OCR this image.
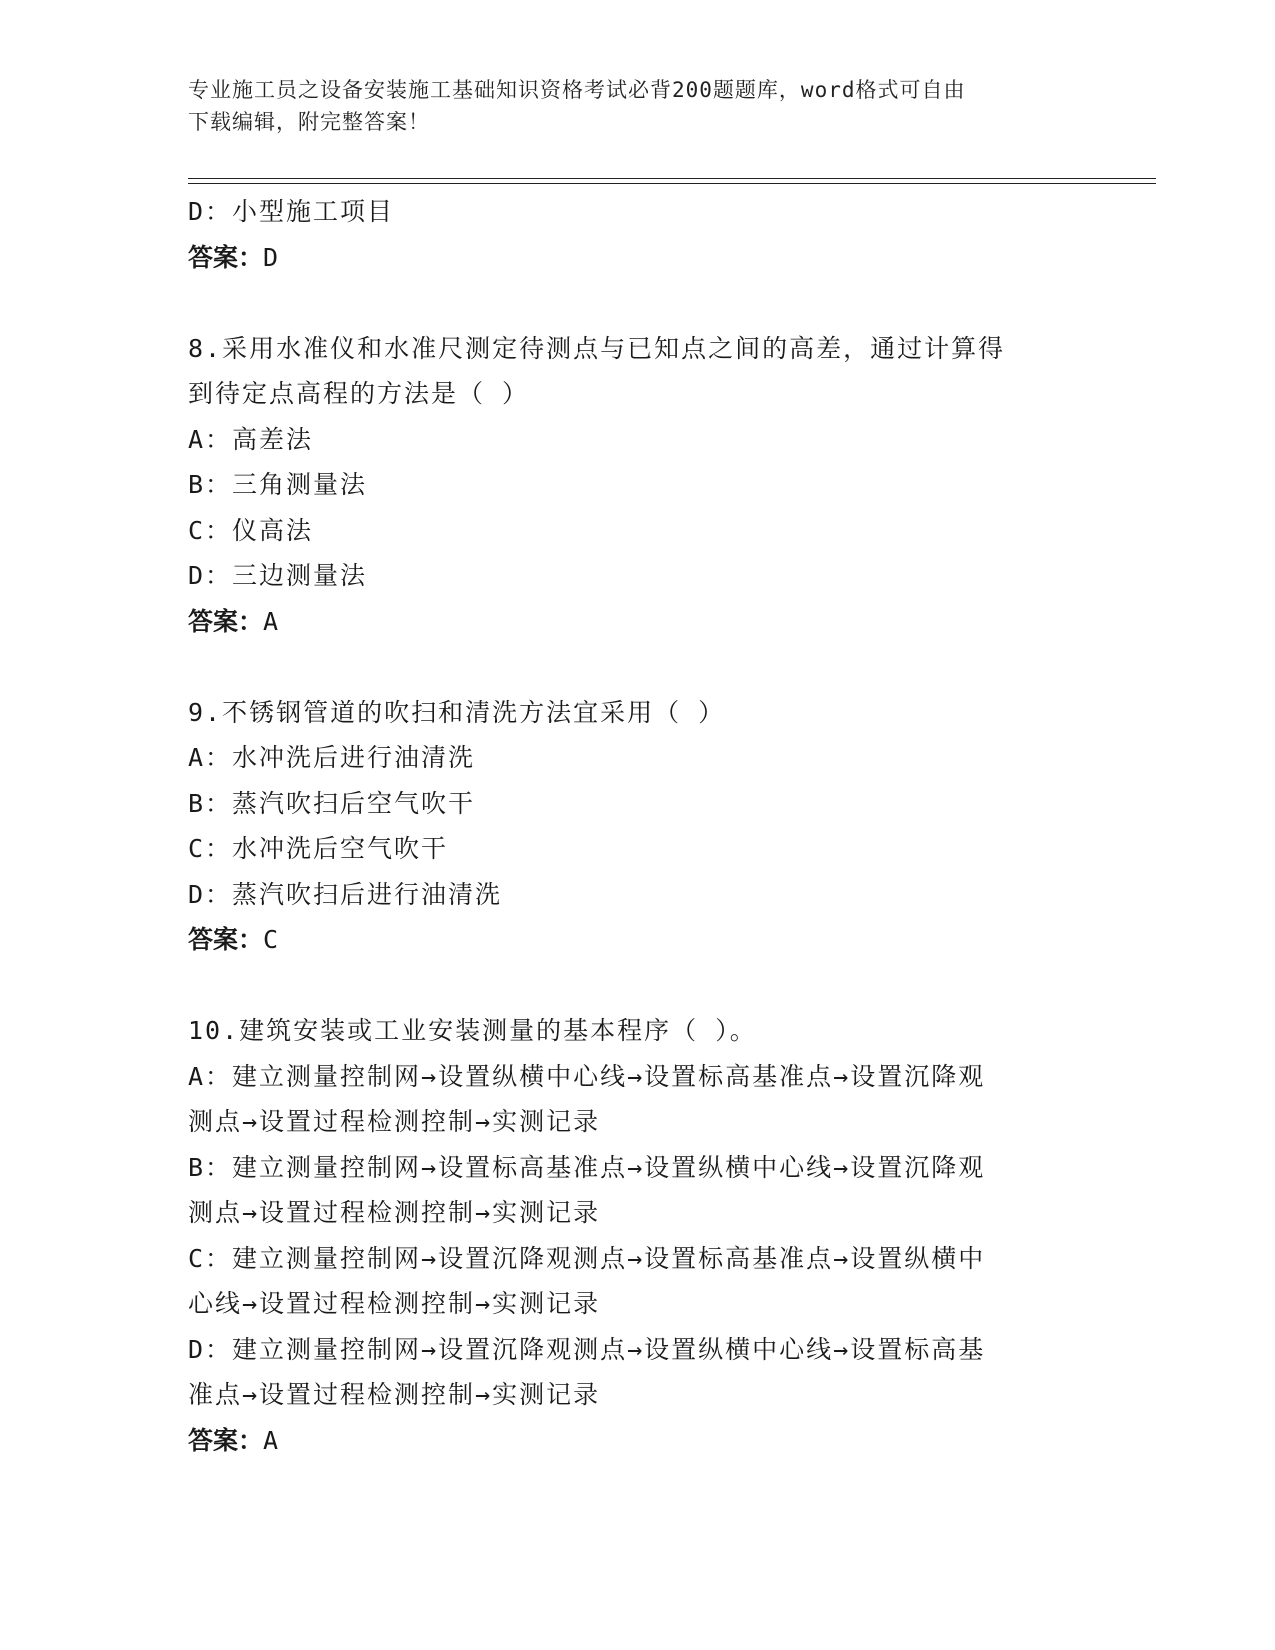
专业施工员之设备安装施工基础知识资格考试必背200题题库，word格式可自由
下载编辑，附完整答案！
D：小型施工项目
答案：D
8.采用水准仪和水准尺测定待测点与已知点之间的高差，通过计算得
到待定点高程的方法是（ ）
A：高差法
B：三角测量法
C：仪高法
D：三边测量法
答案：A
9.不锈钢管道的吹扫和清洗方法宜采用（ ）
A：水冲洗后进行油清洗
B：蒸汽吹扫后空气吹干
C：水冲洗后空气吹干
D：蒸汽吹扫后进行油清洗
答案：C
10.建筑安装或工业安装测量的基本程序（ ）。
A：建立测量控制网→设置纵横中心线→设置标高基准点→设置沉降观
测点→设置过程检测控制→实测记录
B：建立测量控制网→设置标高基准点→设置纵横中心线→设置沉降观
测点→设置过程检测控制→实测记录
C：建立测量控制网→设置沉降观测点→设置标高基准点→设置纵横中
心线→设置过程检测控制→实测记录
D：建立测量控制网→设置沉降观测点→设置纵横中心线→设置标高基
准点→设置过程检测控制→实测记录
答案：A
